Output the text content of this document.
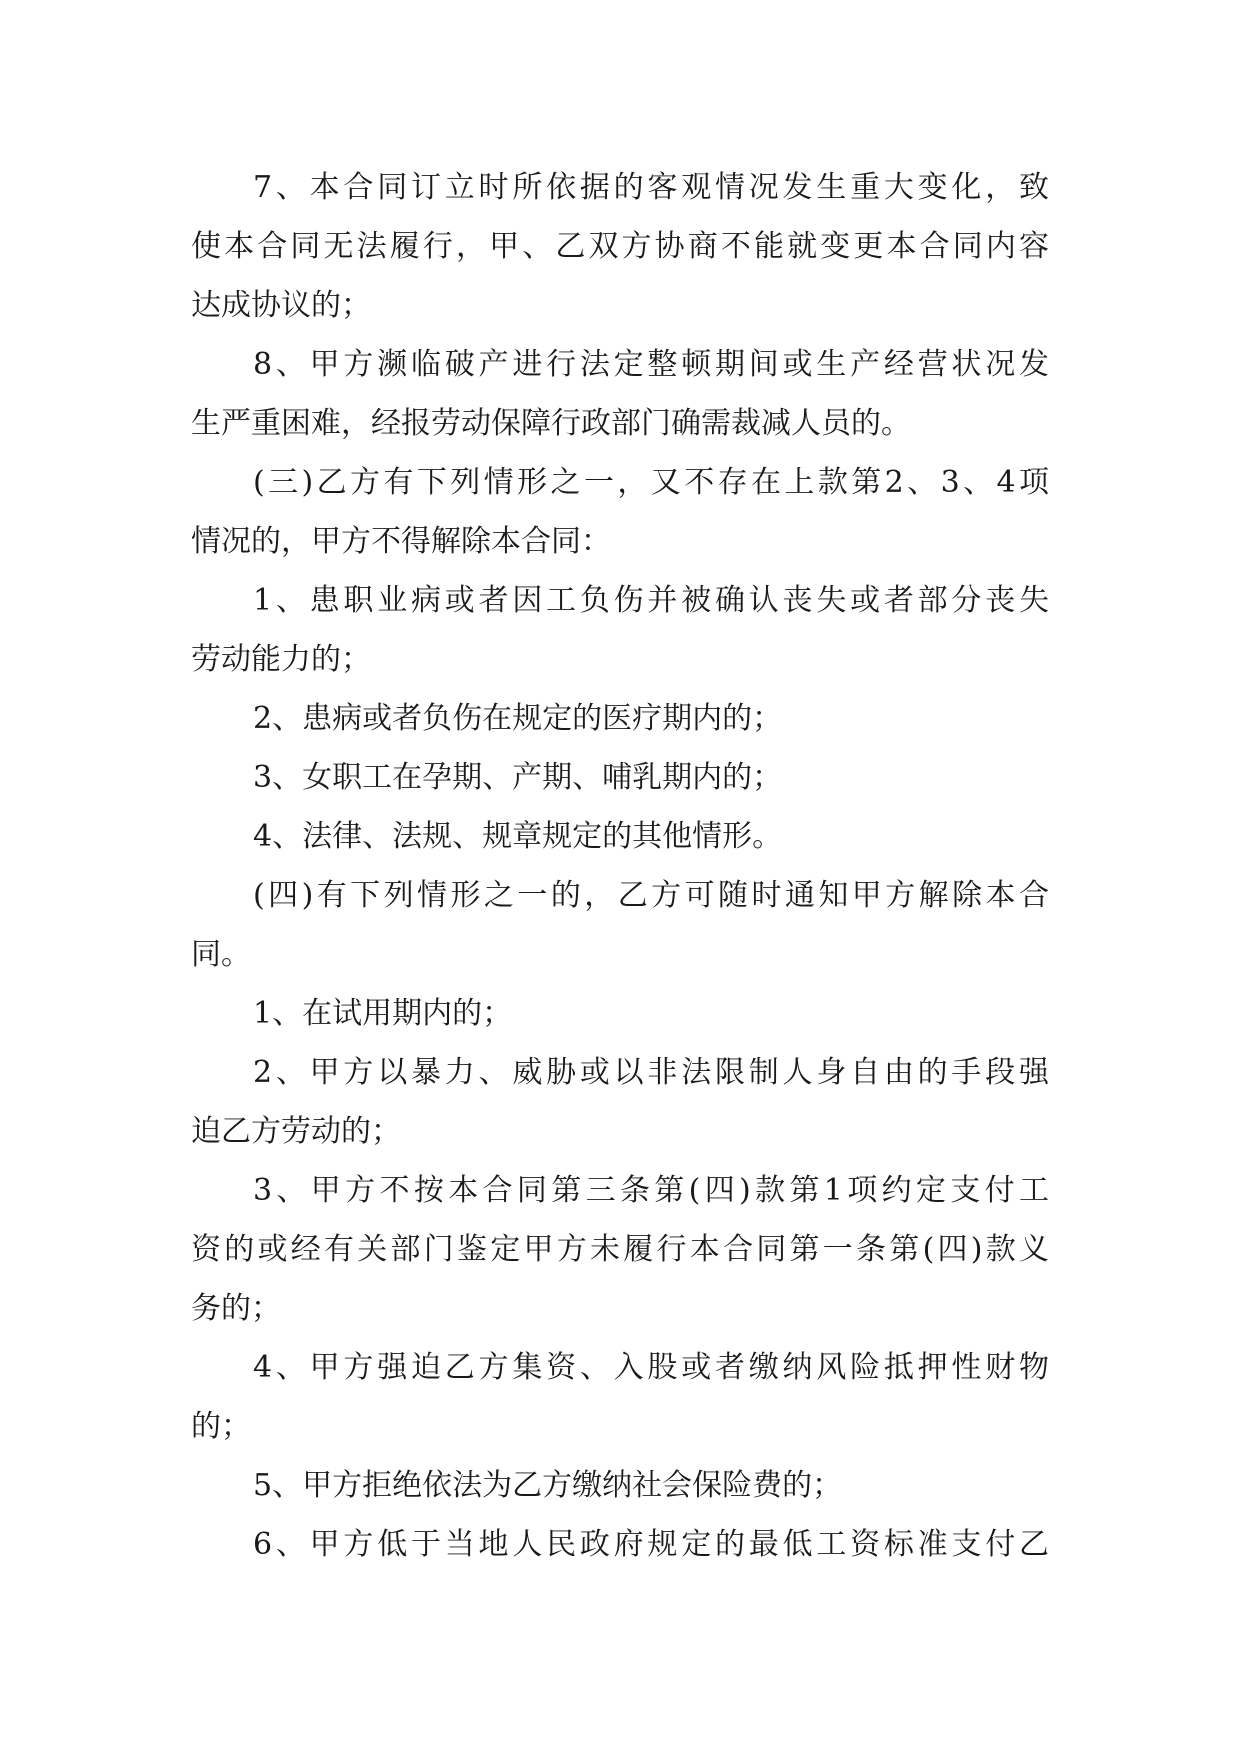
7、本合同订立时所依据的客观情况发生重大变化，致
使本合同无法履行，甲、乙双方协商不能就变更本合同内容
达成协议的；
8、甲方濒临破产进行法定整顿期间或生产经营状况发
生严重困难，经报劳动保障行政部门确需裁减人员的。
(三)乙方有下列情形之一，又不存在上款第2、3、4项
情况的，甲方不得解除本合同：
1、患职业病或者因工负伤并被确认丧失或者部分丧失
劳动能力的；
2、患病或者负伤在规定的医疗期内的；
3、女职工在孕期、产期、哺乳期内的；
4、法律、法规、规章规定的其他情形。
(四)有下列情形之一的，乙方可随时通知甲方解除本合
同。
1、在试用期内的；
2、甲方以暴力、威胁或以非法限制人身自由的手段强
迫乙方劳动的；
3、甲方不按本合同第三条第(四)款第1项约定支付工
资的或经有关部门鉴定甲方未履行本合同第一条第(四)款义
务的；
4、甲方强迫乙方集资、入股或者缴纳风险抵押性财物
的；
5、甲方拒绝依法为乙方缴纳社会保险费的；
6、甲方低于当地人民政府规定的最低工资标准支付乙
